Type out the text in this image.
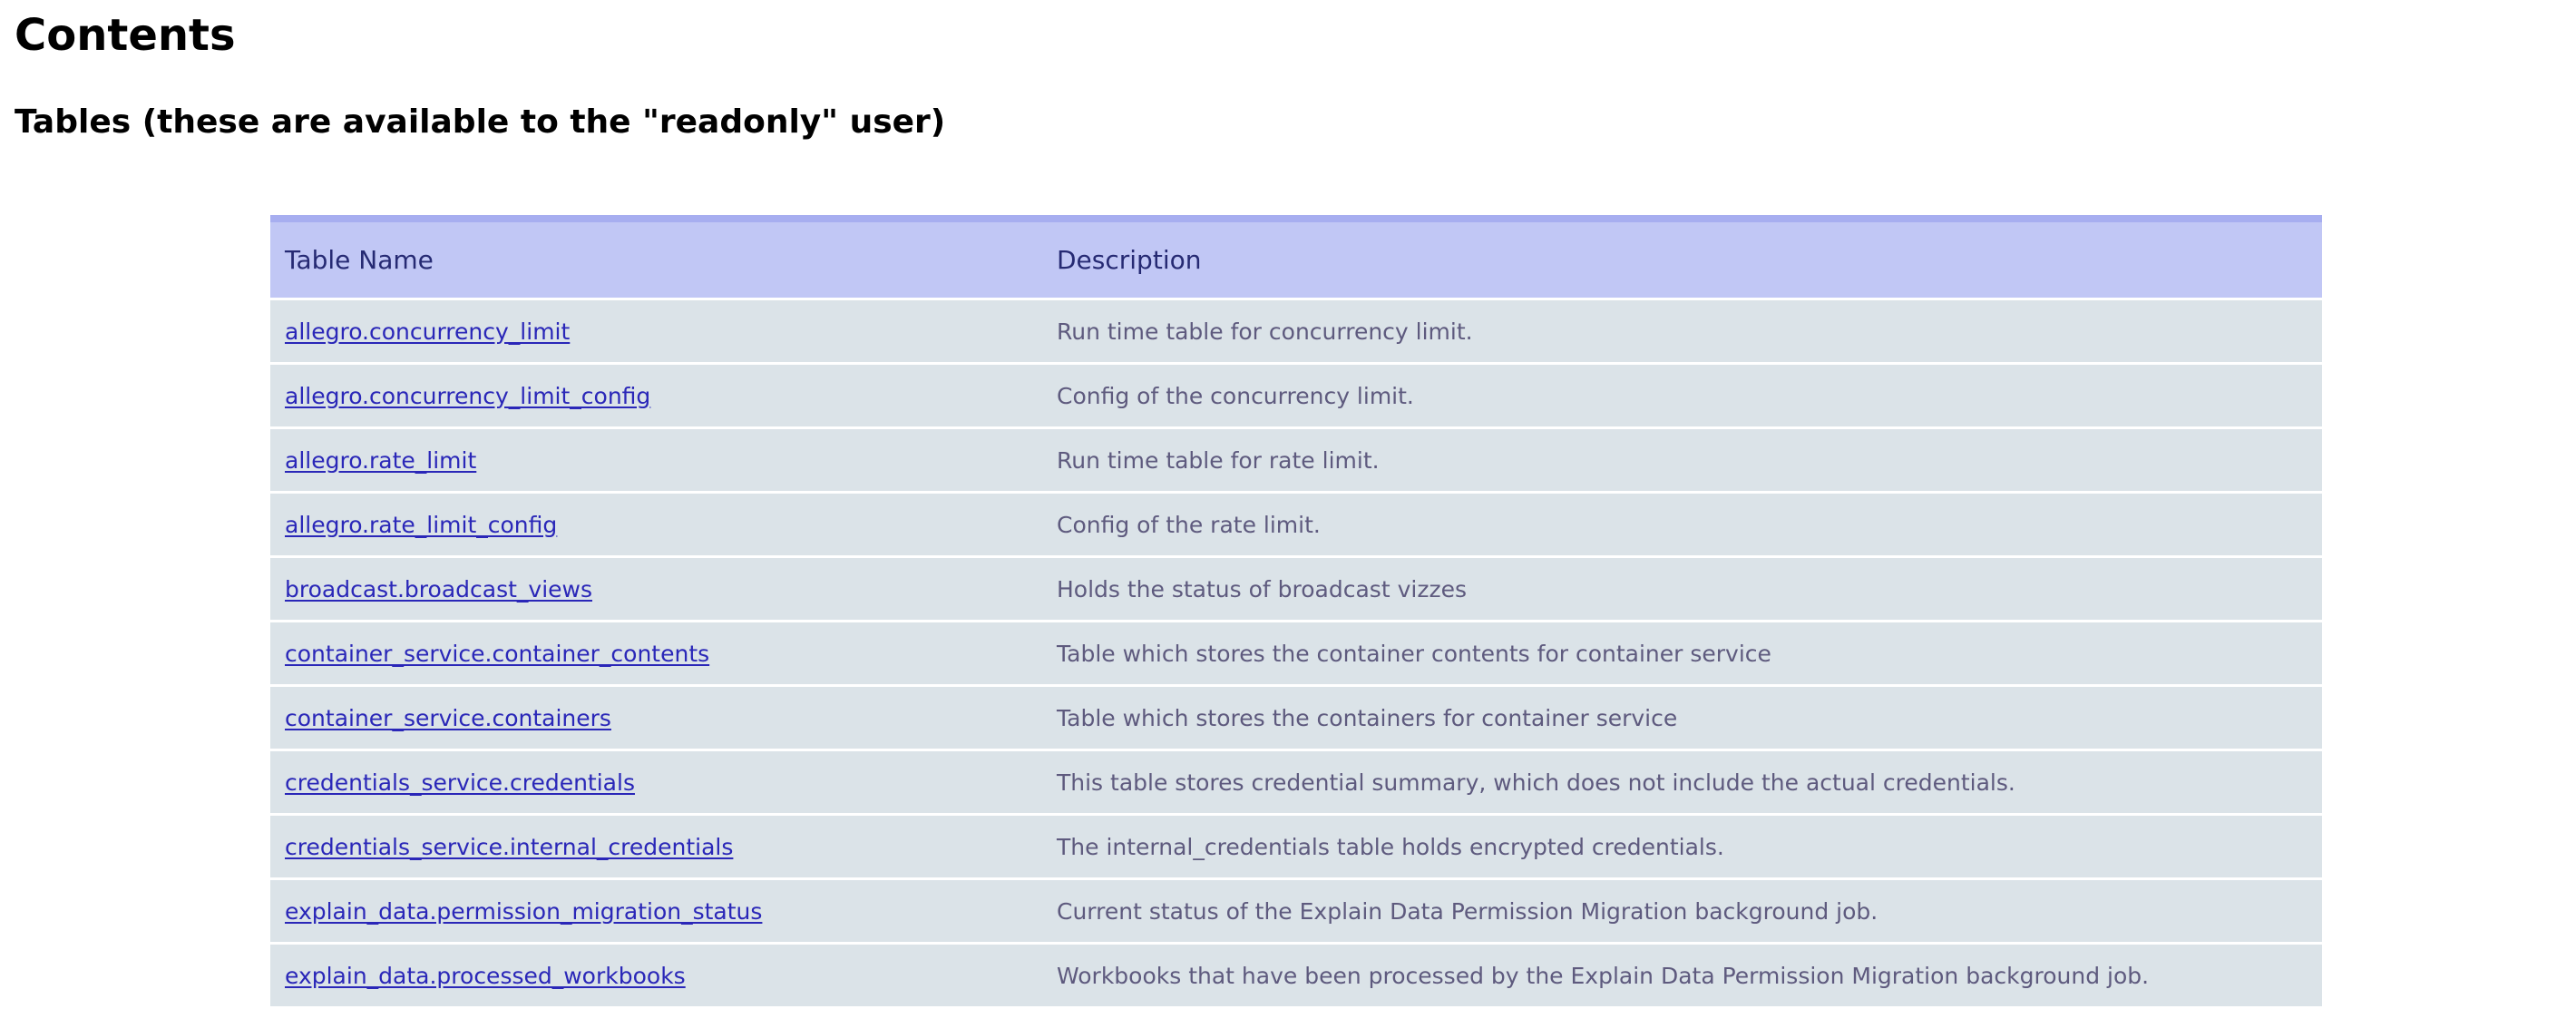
Contents
Tables (these are available to the "readonly" user)
Table Name	Description
allegro.concurrency_limit	Run time table for concurrency limit.
allegro.concurrency_limit_config	Config of the concurrency limit.
allegro.rate_limit	Run time table for rate limit.
allegro.rate_limit_config	Config of the rate limit.
broadcast.broadcast_views	Holds the status of broadcast vizzes
container_service.container_contents	Table which stores the container contents for container service
container_service.containers	Table which stores the containers for container service
credentials_service.credentials	This table stores credential summary, which does not include the actual credentials.
credentials_service.internal_credentials	The internal_credentials table holds encrypted credentials.
explain_data.permission_migration_status	Current status of the Explain Data Permission Migration background job.
explain_data.processed_workbooks	Workbooks that have been processed by the Explain Data Permission Migration background job.
